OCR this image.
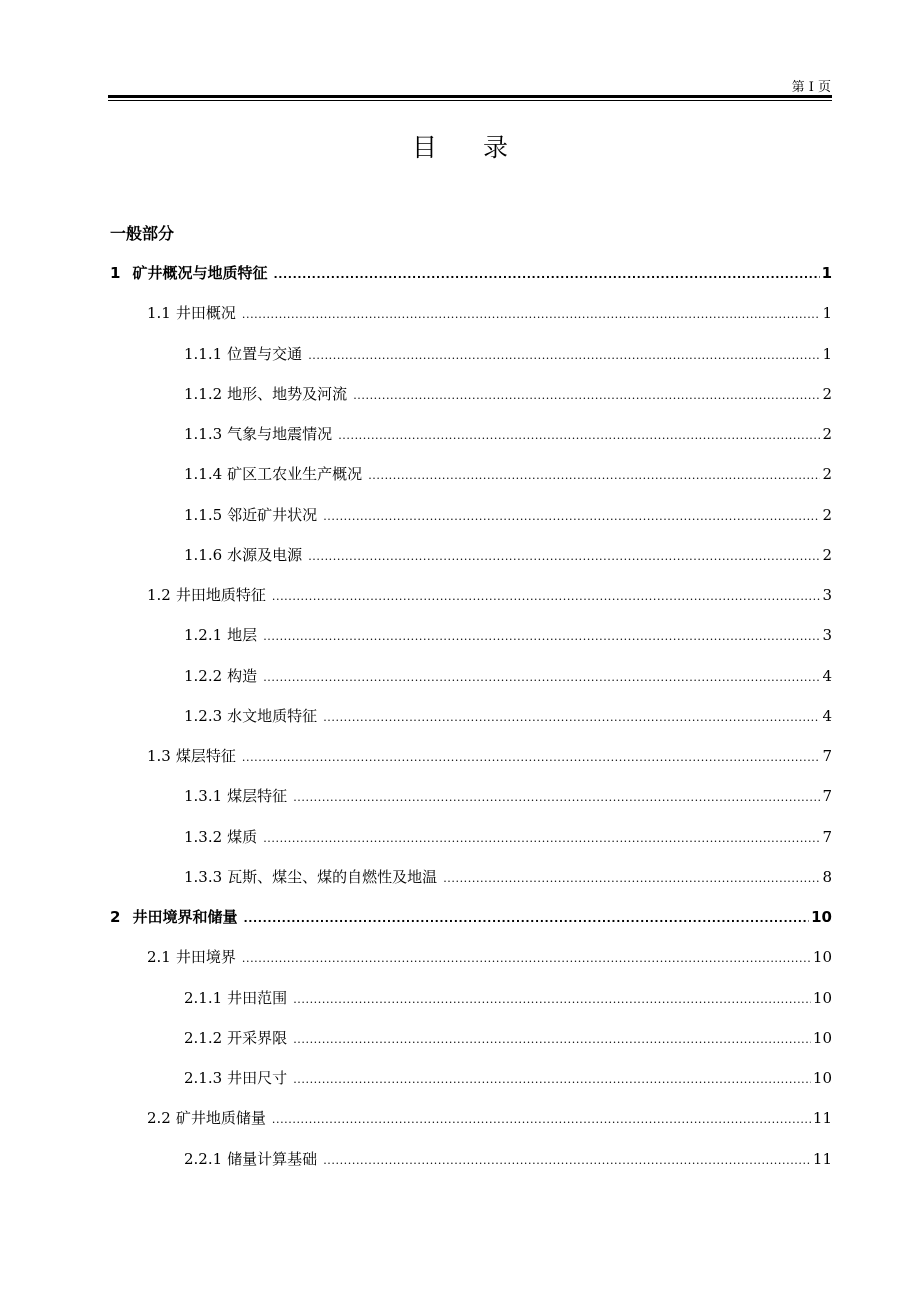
第 I 页
目录
一般部分
1 矿井概况与地质特征 .....	1
1.1 井田概况 .....	1
1.1.1 位置与交通 .....	1
1.1.2 地形、地势及河流 .....	2
1.1.3 气象与地震情况 .....	2
1.1.4 矿区工农业生产概况 .....	2
1.1.5 邻近矿井状况 .....	2
1.1.6 水源及电源 .....	2
1.2 井田地质特征 .....	3
1.2.1 地层 .....	3
1.2.2 构造 .....	4
1.2.3 水文地质特征 .....	4
1.3 煤层特征 .....	7
1.3.1 煤层特征 .....	7
1.3.2 煤质 .....	7
1.3.3 瓦斯、煤尘、煤的自燃性及地温 .....	8
2 井田境界和储量 .....	10
2.1 井田境界 .....	10
2.1.1 井田范围 .....	10
2.1.2 开采界限 .....	10
2.1.3 井田尺寸 .....	10
2.2 矿井地质储量 .....	11
2.2.1 储量计算基础 .....	11
